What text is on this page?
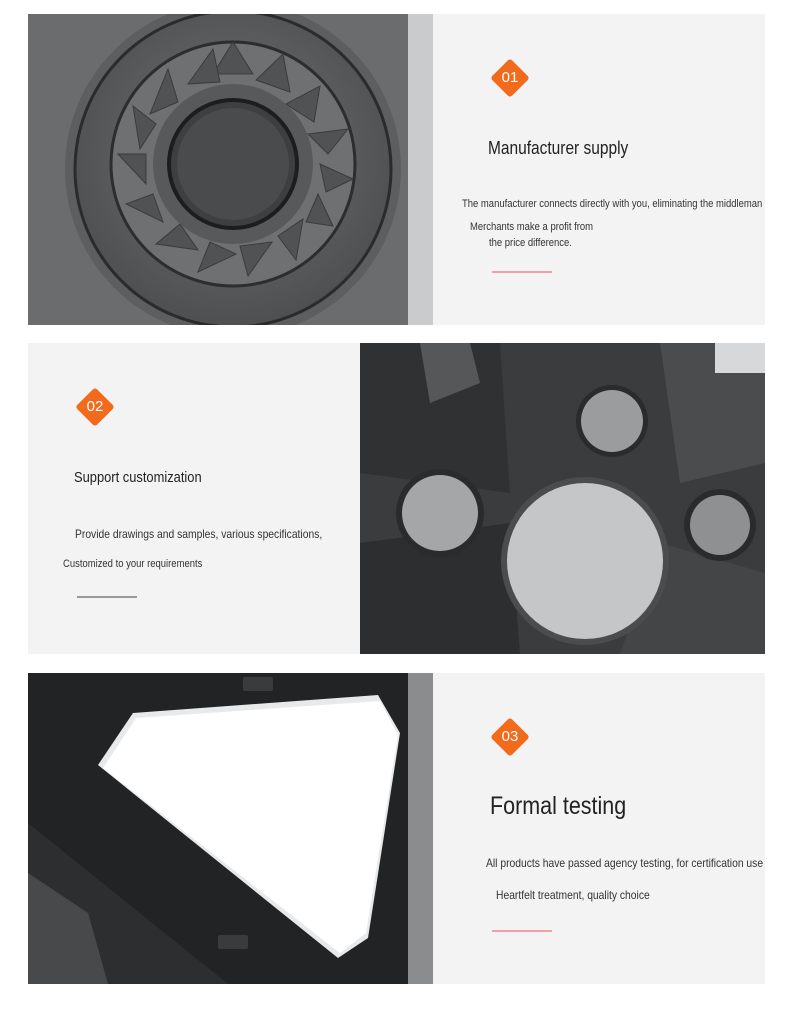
01
Manufacturer supply
The manufacturer connects directly with you, eliminating the middleman
Merchants make a profit from
the price difference.
02
Support customization
Provide drawings and samples, various specifications,
Customized to your requirements
03
Formal testing
All products have passed agency testing, for certification use
Heartfelt treatment, quality choice
